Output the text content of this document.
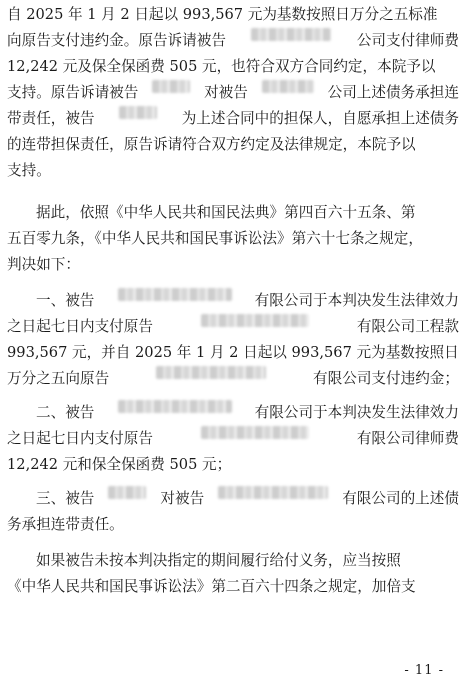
自 2025 年 1 月 2 日起以 993,567 元为基数按照日万分之五标准
向原告支付违约金。原告诉请被告	公司支付律师费
12,242 元及保全保函费 505 元，也符合双方合同约定，本院予以
支持。原告诉请被告	对被告	公司上述债务承担连
带责任，被告	为上述合同中的担保人，自愿承担上述债务
的连带担保责任，原告诉请符合双方约定及法律规定，本院予以
支持。
据此，依照《中华人民共和国民法典》第四百六十五条、第
五百零九条，《中华人民共和国民事诉讼法》第六十七条之规定，
判决如下：
一、被告	有限公司于本判决发生法律效力
之日起七日内支付原告	有限公司工程款
993,567 元，并自 2025 年 1 月 2 日起以 993,567 元为基数按照日
万分之五向原告	有限公司支付违约金；
二、被告	有限公司于本判决发生法律效力
之日起七日内支付原告	有限公司律师费
12,242 元和保全保函费 505 元；
三、被告	对被告	有限公司的上述债
务承担连带责任。
如果被告未按本判决指定的期间履行给付义务，应当按照
《中华人民共和国民事诉讼法》第二百六十四条之规定，加倍支
- 11 -
